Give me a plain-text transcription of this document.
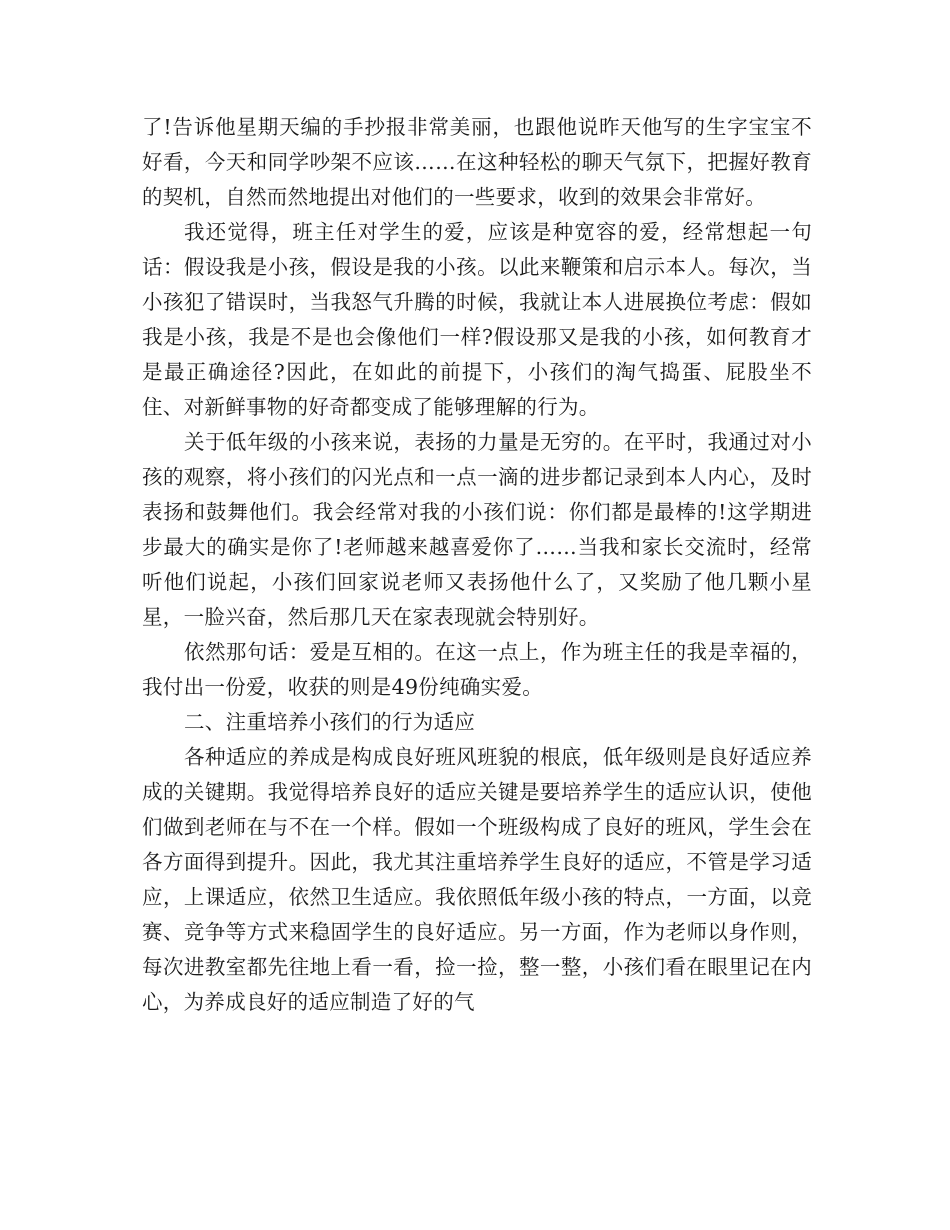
了!告诉他星期天编的手抄报非常美丽，也跟他说昨天他写的生字宝宝不好看，今天和同学吵架不应该……在这种轻松的聊天气氛下，把握好教育的契机，自然而然地提出对他们的一些要求，收到的效果会非常好。

我还觉得，班主任对学生的爱，应该是种宽容的爱，经常想起一句话：假设我是小孩，假设是我的小孩。以此来鞭策和启示本人。每次，当小孩犯了错误时，当我怒气升腾的时候，我就让本人进展换位考虑：假如我是小孩，我是不是也会像他们一样?假设那又是我的小孩，如何教育才是最正确途径?因此，在如此的前提下，小孩们的淘气捣蛋、屁股坐不住、对新鲜事物的好奇都变成了能够理解的行为。

关于低年级的小孩来说，表扬的力量是无穷的。在平时，我通过对小孩的观察，将小孩们的闪光点和一点一滴的进步都记录到本人内心，及时表扬和鼓舞他们。我会经常对我的小孩们说：你们都是最棒的!这学期进步最大的确实是你了!老师越来越喜爱你了……当我和家长交流时，经常听他们说起，小孩们回家说老师又表扬他什么了，又奖励了他几颗小星星，一脸兴奋，然后那几天在家表现就会特别好。

依然那句话：爱是互相的。在这一点上，作为班主任的我是幸福的，我付出一份爱，收获的则是49份纯确实爱。

二、注重培养小孩们的行为适应

各种适应的养成是构成良好班风班貌的根底，低年级则是良好适应养成的关键期。我觉得培养良好的适应关键是要培养学生的适应认识，使他们做到老师在与不在一个样。假如一个班级构成了良好的班风，学生会在各方面得到提升。因此，我尤其注重培养学生良好的适应，不管是学习适应，上课适应，依然卫生适应。我依照低年级小孩的特点，一方面，以竞赛、竞争等方式来稳固学生的良好适应。另一方面，作为老师以身作则，每次进教室都先往地上看一看，捡一捡，整一整，小孩们看在眼里记在内心，为养成良好的适应制造了好的气
